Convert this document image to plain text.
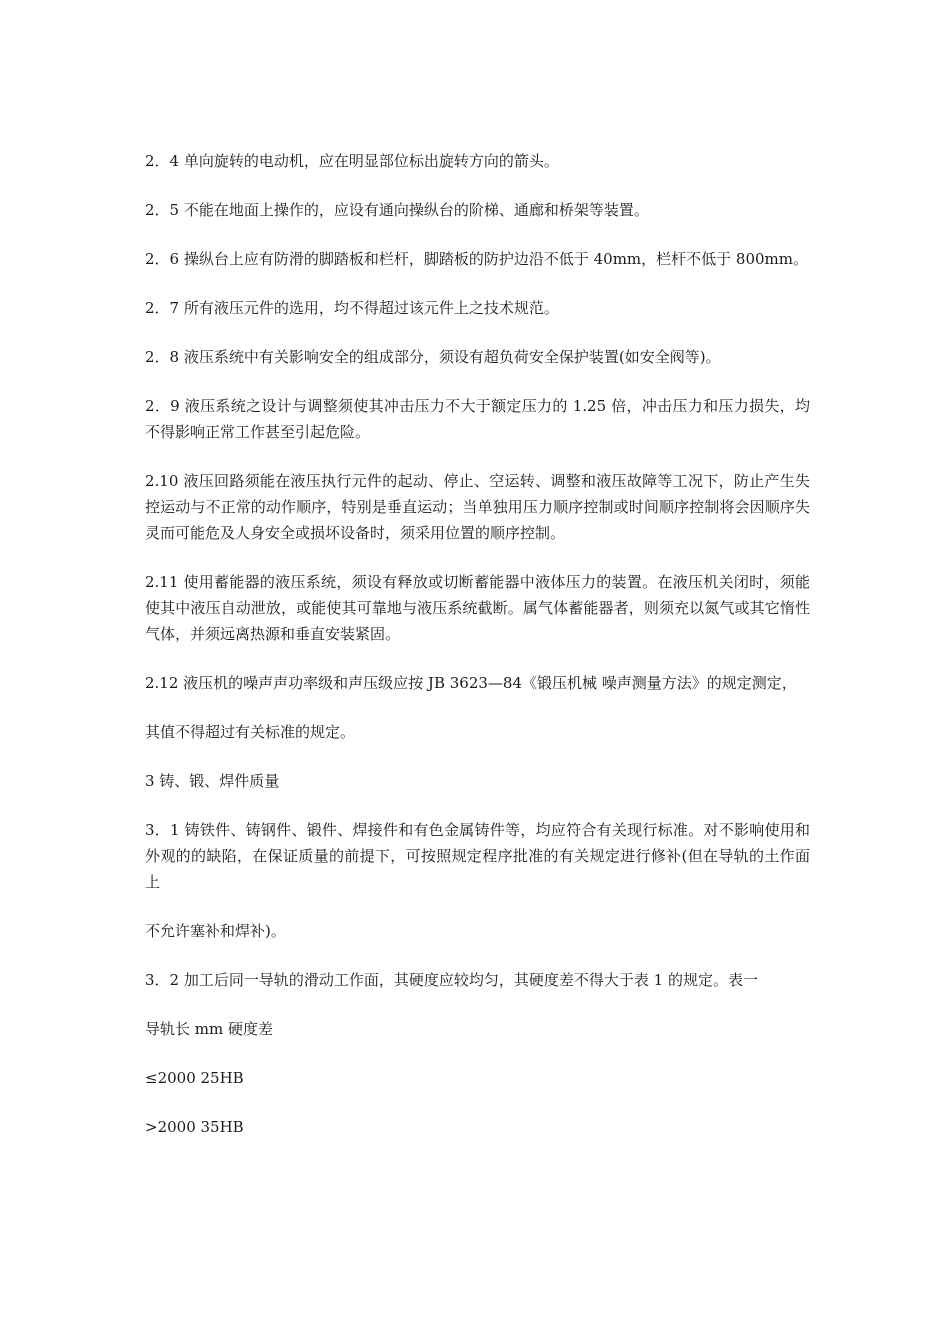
2．4 单向旋转的电动机，应在明显部位标出旋转方向的箭头。

2．5 不能在地面上操作的，应设有通向操纵台的阶梯、通廊和桥架等装置。

2．6 操纵台上应有防滑的脚踏板和栏杆，脚踏板的防护边沿不低于 40mm，栏杆不低于 800mm。

2．7 所有液压元件的选用，均不得超过该元件上之技术规范。

2．8 液压系统中有关影响安全的组成部分，须设有超负荷安全保护装置(如安全阀等)。

2．9 液压系统之设计与调整须使其冲击压力不大于额定压力的 1.25 倍，冲击压力和压力损失，均不得影响正常工作甚至引起危险。

2.10 液压回路须能在液压执行元件的起动、停止、空运转、调整和液压故障等工况下，防止产生失控运动与不正常的动作顺序，特别是垂直运动；当单独用压力顺序控制或时间顺序控制将会因顺序失灵而可能危及人身安全或损坏设备时，须采用位置的顺序控制。

2.11 使用蓄能器的液压系统，须设有释放或切断蓄能器中液体压力的装置。在液压机关闭时，须能使其中液压自动泄放，或能使其可靠地与液压系统截断。属气体蓄能器者，则须充以氮气或其它惰性气体，并须远离热源和垂直安装紧固。

2.12 液压机的噪声声功率级和声压级应按 JB 3623—84《锻压机械 噪声测量方法》的规定测定，

其值不得超过有关标准的规定。

3 铸、锻、焊件质量

3．1 铸铁件、铸钢件、锻件、焊接件和有色金属铸件等，均应符合有关现行标准。对不影响使用和外观的的缺陷，在保证质量的前提下，可按照规定程序批准的有关规定进行修补(但在导轨的土作面上

不允许塞补和焊补)。

3．2 加工后同一导轨的滑动工作面，其硬度应较均匀，其硬度差不得大于表 1 的规定。表一

导轨长 mm 硬度差

≤2000 25HB

>2000 35HB
